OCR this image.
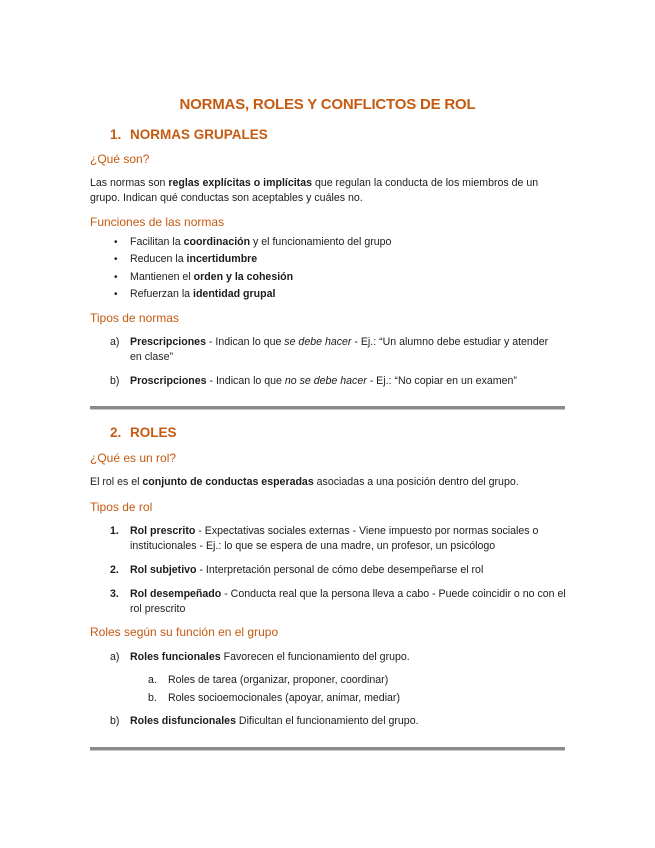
NORMAS, ROLES Y CONFLICTOS DE ROL
1. NORMAS GRUPALES
¿Qué son?
Las normas son reglas explícitas o implícitas que regulan la conducta de los miembros de un grupo. Indican qué conductas son aceptables y cuáles no.
Funciones de las normas
• Facilitan la coordinación y el funcionamiento del grupo
• Reducen la incertidumbre
• Mantienen el orden y la cohesión
• Refuerzan la identidad grupal
Tipos de normas
a) Prescripciones - Indican lo que se debe hacer - Ej.: “Un alumno debe estudiar y atender en clase”
b) Proscripciones - Indican lo que no se debe hacer - Ej.: “No copiar en un examen”
2. ROLES
¿Qué es un rol?
El rol es el conjunto de conductas esperadas asociadas a una posición dentro del grupo.
Tipos de rol
1. Rol prescrito - Expectativas sociales externas - Viene impuesto por normas sociales o institucionales - Ej.: lo que se espera de una madre, un profesor, un psicólogo
2. Rol subjetivo - Interpretación personal de cómo debe desempeñarse el rol
3. Rol desempeñado - Conducta real que la persona lleva a cabo - Puede coincidir o no con el rol prescrito
Roles según su función en el grupo
a) Roles funcionales Favorecen el funcionamiento del grupo.
a. Roles de tarea (organizar, proponer, coordinar)
b. Roles socioemocionales (apoyar, animar, mediar)
b) Roles disfuncionales Dificultan el funcionamiento del grupo.
